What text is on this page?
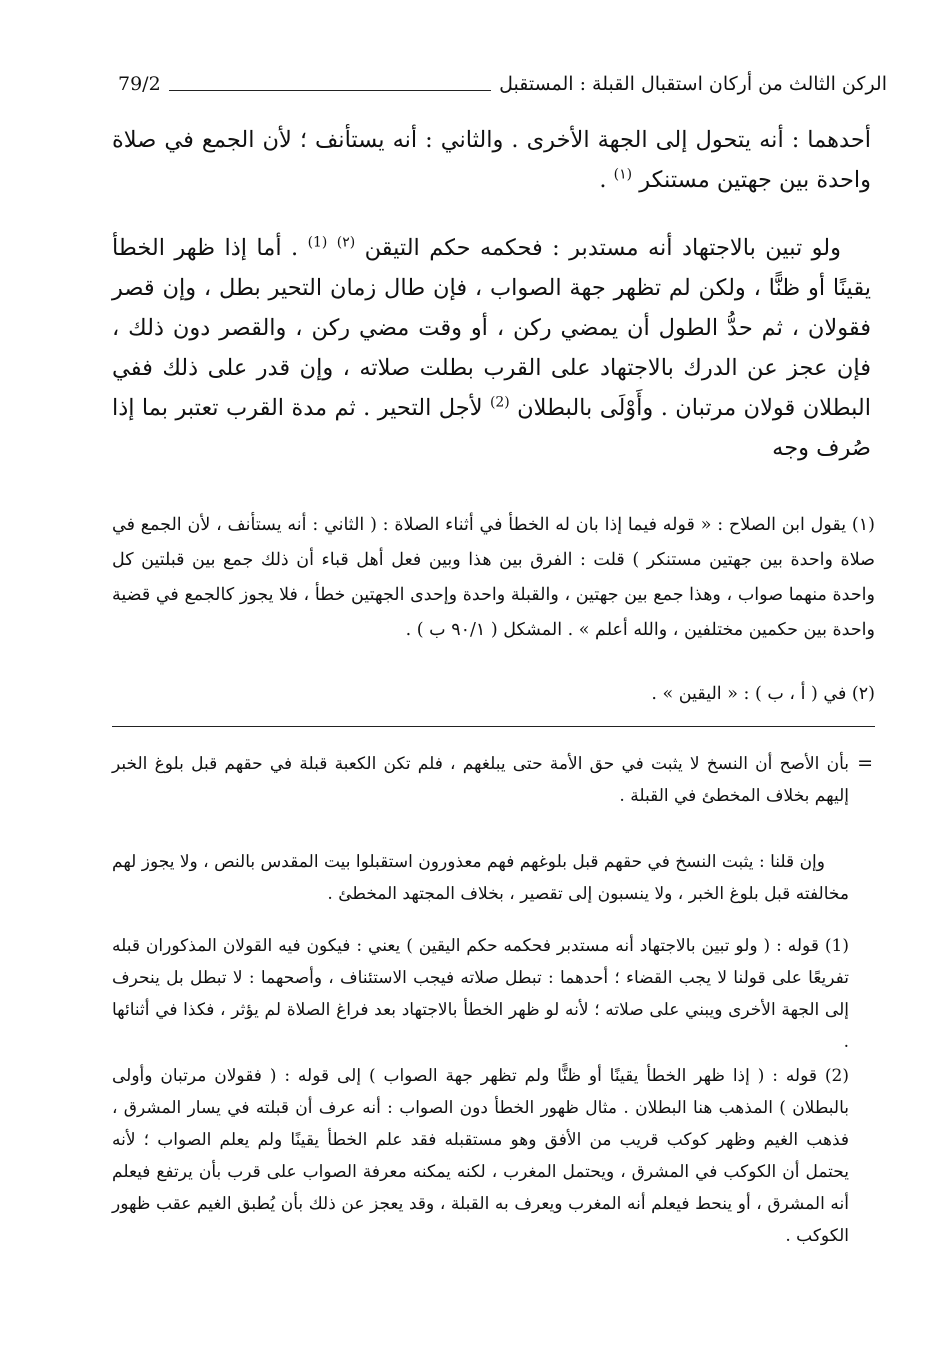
الركن الثالث من أركان استقبال القبلة : المستقبل
79/2

أحدهما : أنه يتحول إلى الجهة الأخرى . والثاني : أنه يستأنف ؛ لأن الجمع في صلاة واحدة بين جهتين مستنكر $^{(١)}$ .

ولو تبين بالاجتهاد أنه مستدبر : فحكمه حكم التيقن $^{(٢)}$ $^{(1)}$ . أما إذا ظهر الخطأ يقينًا أو ظنًّا ، ولكن لم تظهر جهة الصواب ، فإن طال زمان التحير بطل ، وإن قصر فقولان ، ثم حدُّ الطول أن يمضي ركن ، أو وقت مضي ركن ، والقصر دون ذلك ، فإن عجز عن الدرك بالاجتهاد على القرب بطلت صلاته ، وإن قدر على ذلك ففي البطلان قولان مرتبان . وأَوْلَى بالبطلان $^{(2)}$ لأجل التحير . ثم مدة القرب تعتبر بما إذا صُرف وجه

(١) يقول ابن الصلاح : « قوله فيما إذا بان له الخطأ في أثناء الصلاة : ( الثاني : أنه يستأنف ، لأن الجمع في صلاة واحدة بين جهتين مستنكر ) قلت : الفرق بين هذا وبين فعل أهل قباء أن ذلك جمع بين قبلتين كل واحدة منهما صواب ، وهذا جمع بين جهتين ، والقبلة واحدة وإحدى الجهتين خطأ ، فلا يجوز كالجمع في قضية واحدة بين حكمين مختلفين ، والله أعلم » . المشكل ( ٩٠/١ ب ) .

(٢) في ( أ ، ب ) : « اليقين » .

=

بأن الأصح أن النسخ لا يثبت في حق الأمة حتى يبلغهم ، فلم تكن الكعبة قبلة في حقهم قبل بلوغ الخبر إليهم بخلاف المخطئ في القبلة .

وإن قلنا : يثبت النسخ في حقهم قبل بلوغهم فهم معذورون استقبلوا بيت المقدس بالنص ، ولا يجوز لهم مخالفته قبل بلوغ الخبر ، ولا ينسبون إلى تقصير ، بخلاف المجتهد المخطئ .

(1) قوله : ( ولو تبين بالاجتهاد أنه مستدبر فحكمه حكم اليقين ) يعني : فيكون فيه القولان المذكوران قبله تفريعًا على قولنا لا يجب القضاء ؛ أحدهما : تبطل صلاته فيجب الاستئناف ، وأصحهما : لا تبطل بل ينحرف إلى الجهة الأخرى ويبني على صلاته ؛ لأنه لو ظهر الخطأ بالاجتهاد بعد فراغ الصلاة لم يؤثر ، فكذا في أثنائها .

(2) قوله : ( إذا ظهر الخطأ يقينًا أو ظنًّا ولم تظهر جهة الصواب ) إلى قوله : ( فقولان مرتبان وأولى بالبطلان ) المذهب هنا البطلان . مثال ظهور الخطأ دون الصواب : أنه عرف أن قبلته في يسار المشرق ، فذهب الغيم وظهر كوكب قريب من الأفق وهو مستقبله فقد علم الخطأ يقينًا ولم يعلم الصواب ؛ لأنه يحتمل أن الكوكب في المشرق ، ويحتمل المغرب ، لكنه يمكنه معرفة الصواب على قرب بأن يرتفع فيعلم أنه المشرق ، أو ينحط فيعلم أنه المغرب ويعرف به القبلة ، وقد يعجز عن ذلك بأن يُطبق الغيم عقب ظهور الكوكب .
